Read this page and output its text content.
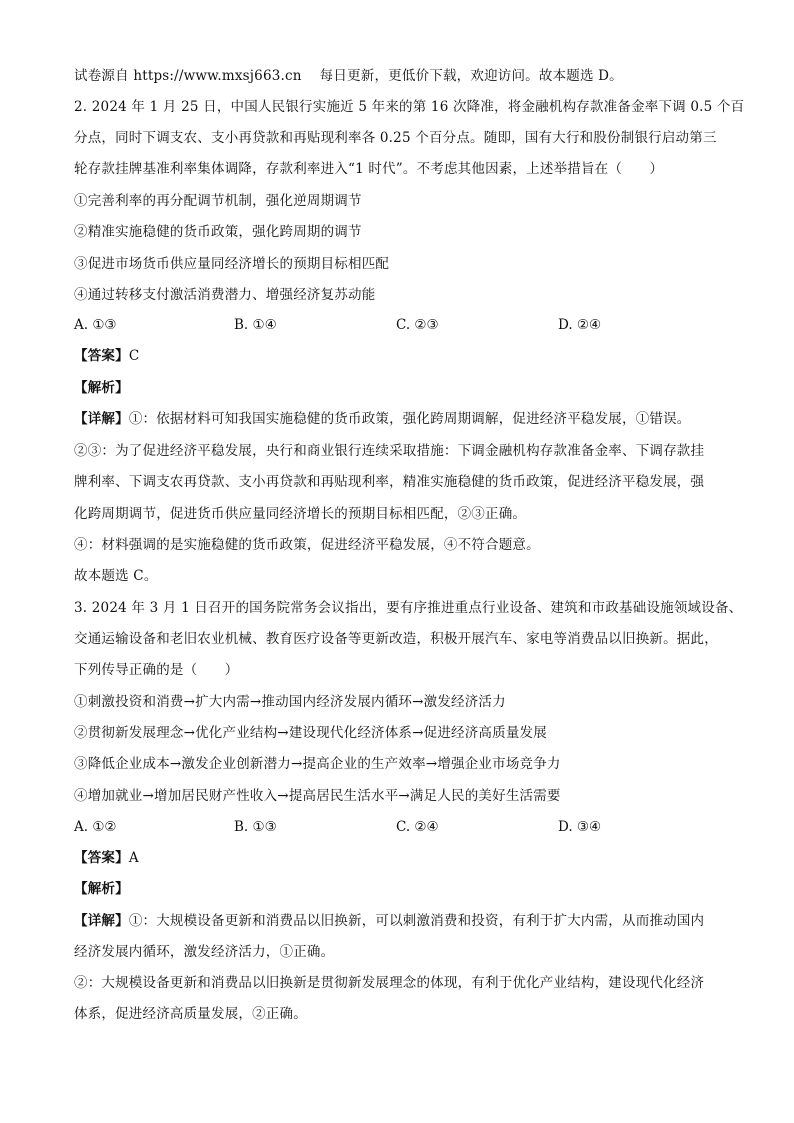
试卷源自 https://www.mxsj663.cn 每日更新，更低价下载，欢迎访问。故本题选 D。
2. 2024 年 1 月 25 日，中国人民银行实施近 5 年来的第 16 次降准，将金融机构存款准备金率下调 0.5 个百
分点，同时下调支农、支小再贷款和再贴现利率各 0.25 个百分点。随即，国有大行和股份制银行启动第三
轮存款挂牌基准利率集体调降，存款利率进入“1 时代”。不考虑其他因素，上述举措旨在（　　）
①完善利率的再分配调节机制，强化逆周期调节
②精准实施稳健的货币政策，强化跨周期的调节
③促进市场货币供应量同经济增长的预期目标相匹配
④通过转移支付激活消费潜力、增强经济复苏动能
A. ①③	B. ①④	C. ②③	D. ②④
【答案】C
【解析】
【详解】①：依据材料可知我国实施稳健的货币政策，强化跨周期调解，促进经济平稳发展，①错误。
②③：为了促进经济平稳发展，央行和商业银行连续采取措施：下调金融机构存款准备金率、下调存款挂
牌利率、下调支农再贷款、支小再贷款和再贴现利率，精准实施稳健的货币政策，促进经济平稳发展，强
化跨周期调节，促进货币供应量同经济增长的预期目标相匹配，②③正确。
④：材料强调的是实施稳健的货币政策，促进经济平稳发展，④不符合题意。
故本题选 C。
3. 2024 年 3 月 1 日召开的国务院常务会议指出，要有序推进重点行业设备、建筑和市政基础设施领域设备、
交通运输设备和老旧农业机械、教育医疗设备等更新改造，积极开展汽车、家电等消费品以旧换新。据此，
下列传导正确的是（　　）
①刺激投资和消费→扩大内需→推动国内经济发展内循环→激发经济活力
②贯彻新发展理念→优化产业结构→建设现代化经济体系→促进经济高质量发展
③降低企业成本→激发企业创新潜力→提高企业的生产效率→增强企业市场竞争力
④增加就业→增加居民财产性收入→提高居民生活水平→满足人民的美好生活需要
A. ①②	B. ①③	C. ②④	D. ③④
【答案】A
【解析】
【详解】①：大规模设备更新和消费品以旧换新，可以刺激消费和投资，有利于扩大内需，从而推动国内
经济发展内循环，激发经济活力，①正确。
②：大规模设备更新和消费品以旧换新是贯彻新发展理念的体现，有利于优化产业结构，建设现代化经济
体系，促进经济高质量发展，②正确。
